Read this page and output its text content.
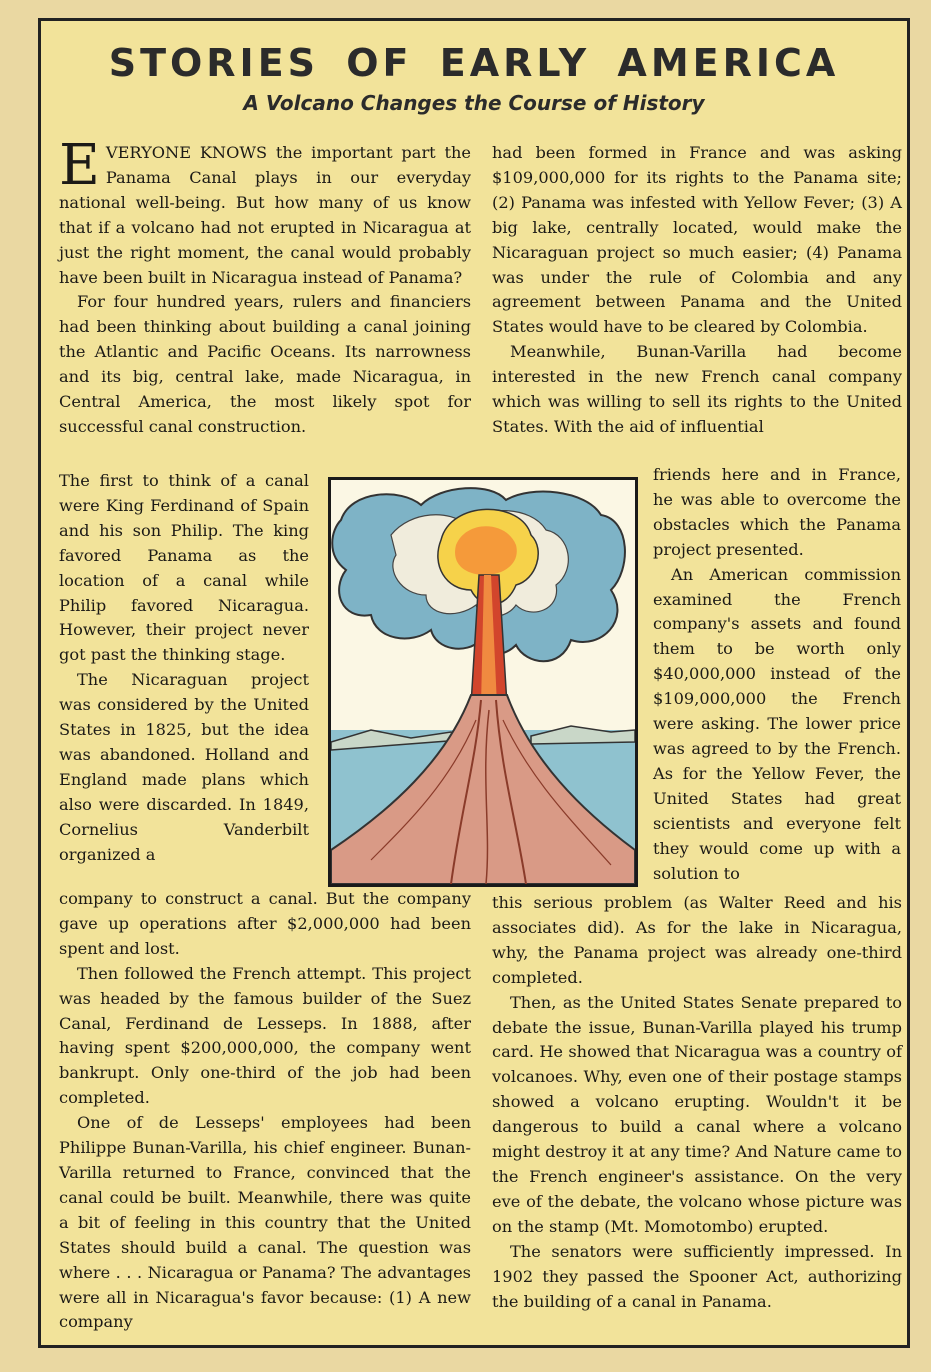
STORIES OF EARLY AMERICA
A Volcano Changes the Course of History

EVERYONE KNOWS the important part the Panama Canal plays in our everyday national well-being. But how many of us know that if a volcano had not erupted in Nicaragua at just the right moment, the canal would probably have been built in Nicaragua instead of Panama?

For four hundred years, rulers and financiers had been thinking about building a canal joining the Atlantic and Pacific Oceans. Its narrowness and its big, central lake, made Nicaragua, in Central America, the most likely spot for successful canal construction.

The first to think of a canal were King Ferdinand of Spain and his son Philip. The king favored Panama as the location of a canal while Philip favored Nicaragua. However, their project never got past the thinking stage.

The Nicaraguan project was considered by the United States in 1825, but the idea was abandoned. Holland and England made plans which also were discarded. In 1849, Cornelius Vanderbilt organized a

company to construct a canal. But the company gave up operations after $2,000,000 had been spent and lost.

Then followed the French attempt. This project was headed by the famous builder of the Suez Canal, Ferdinand de Lesseps. In 1888, after having spent $200,000,000, the company went bankrupt. Only one-third of the job had been completed.

One of de Lesseps' employees had been Philippe Bunan-Varilla, his chief engineer. Bunan-Varilla returned to France, convinced that the canal could be built. Meanwhile, there was quite a bit of feeling in this country that the United States should build a canal. The question was where . . . Nicaragua or Panama? The advantages were all in Nicaragua's favor because: (1) A new company

had been formed in France and was asking $109,000,000 for its rights to the Panama site; (2) Panama was infested with Yellow Fever; (3) A big lake, centrally located, would make the Nicaraguan project so much easier; (4) Panama was under the rule of Colombia and any agreement between Panama and the United States would have to be cleared by Colombia.

Meanwhile, Bunan-Varilla had become interested in the new French canal company which was willing to sell its rights to the United States. With the aid of influential

friends here and in France, he was able to overcome the obstacles which the Panama project presented.

An American commission examined the French company's assets and found them to be worth only $40,000,000 instead of the $109,000,000 the French were asking. The lower price was agreed to by the French. As for the Yellow Fever, the United States had great scientists and everyone felt they would come up with a solution to

this serious problem (as Walter Reed and his associates did). As for the lake in Nicaragua, why, the Panama project was already one-third completed.

Then, as the United States Senate prepared to debate the issue, Bunan-Varilla played his trump card. He showed that Nicaragua was a country of volcanoes. Why, even one of their postage stamps showed a volcano erupting. Wouldn't it be dangerous to build a canal where a volcano might destroy it at any time? And Nature came to the French engineer's assistance. On the very eve of the debate, the volcano whose picture was on the stamp (Mt. Momotombo) erupted.

The senators were sufficiently impressed. In 1902 they passed the Spooner Act, authorizing the building of a canal in Panama.
